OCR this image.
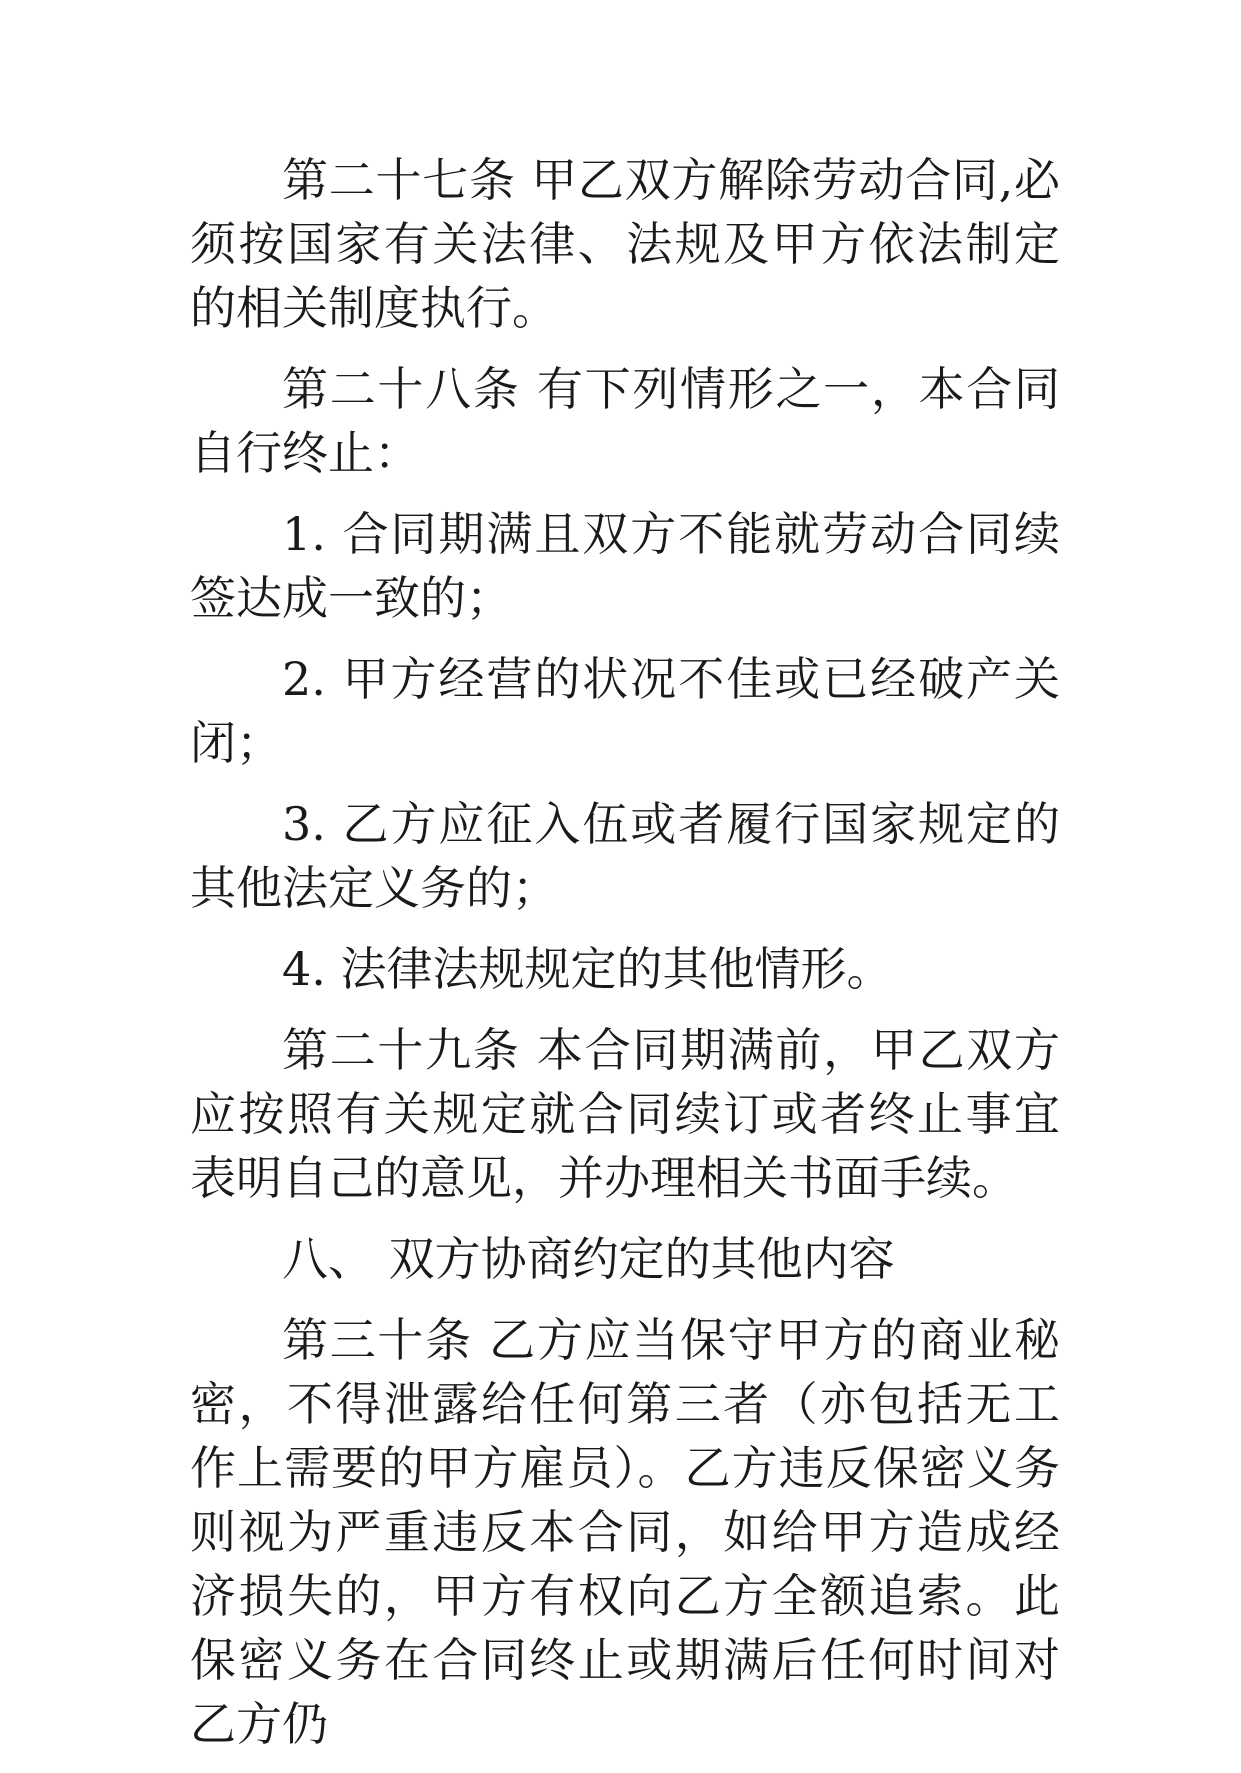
第二十七条 甲乙双方解除劳动合同,必须按国家有关法律、法规及甲方依法制定 的相关制度执行。

第二十八条 有下列情形之一，本合同自行终止：

1. 合同期满且双方不能就劳动合同续签达成一致的；

2. 甲方经营的状况不佳或已经破产关闭；

3. 乙方应征入伍或者履行国家规定的其他法定义务的；

4. 法律法规规定的其他情形。

第二十九条 本合同期满前，甲乙双方应按照有关规定就合同续订或者终止事宜表明自己的意见，并办理相关书面手续。

八、 双方协商约定的其他内容

第三十条 乙方应当保守甲方的商业秘密，不得泄露给任何第三者（亦包括无工作上需要的甲方雇员）。乙方违反保密义务则视为严重违反本合同，如给甲方造成经济损失的，甲方有权向乙方全额追索。此保密义务在合同终止或期满后任何时间对乙方仍
